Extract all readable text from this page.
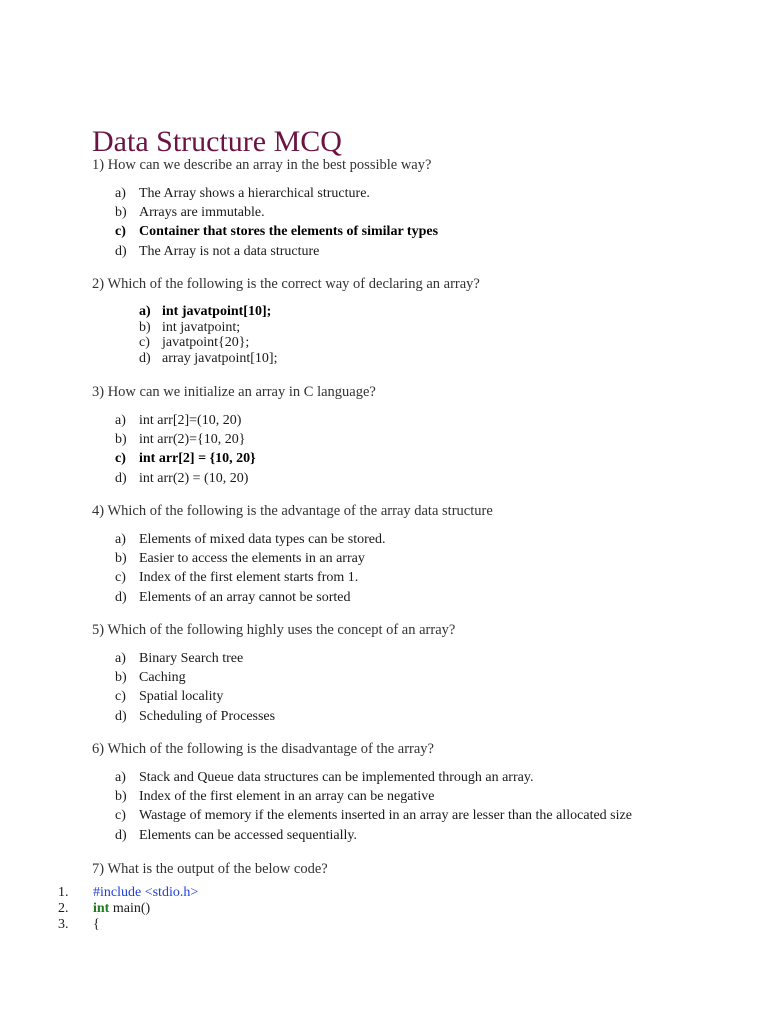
Data Structure MCQ
1) How can we describe an array in the best possible way?
a) The Array shows a hierarchical structure.
b) Arrays are immutable.
c) Container that stores the elements of similar types
d) The Array is not a data structure
2) Which of the following is the correct way of declaring an array?
a) int javatpoint[10];
b) int javatpoint;
c) javatpoint{20};
d) array javatpoint[10];
3) How can we initialize an array in C language?
a) int arr[2]=(10, 20)
b) int arr(2)={10, 20}
c) int arr[2] = {10, 20}
d) int arr(2) = (10, 20)
4) Which of the following is the advantage of the array data structure
a) Elements of mixed data types can be stored.
b) Easier to access the elements in an array
c) Index of the first element starts from 1.
d) Elements of an array cannot be sorted
5) Which of the following highly uses the concept of an array?
a) Binary Search tree
b) Caching
c) Spatial locality
d) Scheduling of Processes
6) Which of the following is the disadvantage of the array?
a) Stack and Queue data structures can be implemented through an array.
b) Index of the first element in an array can be negative
c) Wastage of memory if the elements inserted in an array are lesser than the allocated size
d) Elements can be accessed sequentially.
7) What is the output of the below code?
1.	#include <stdio.h>
2.	int main()
3.	{
